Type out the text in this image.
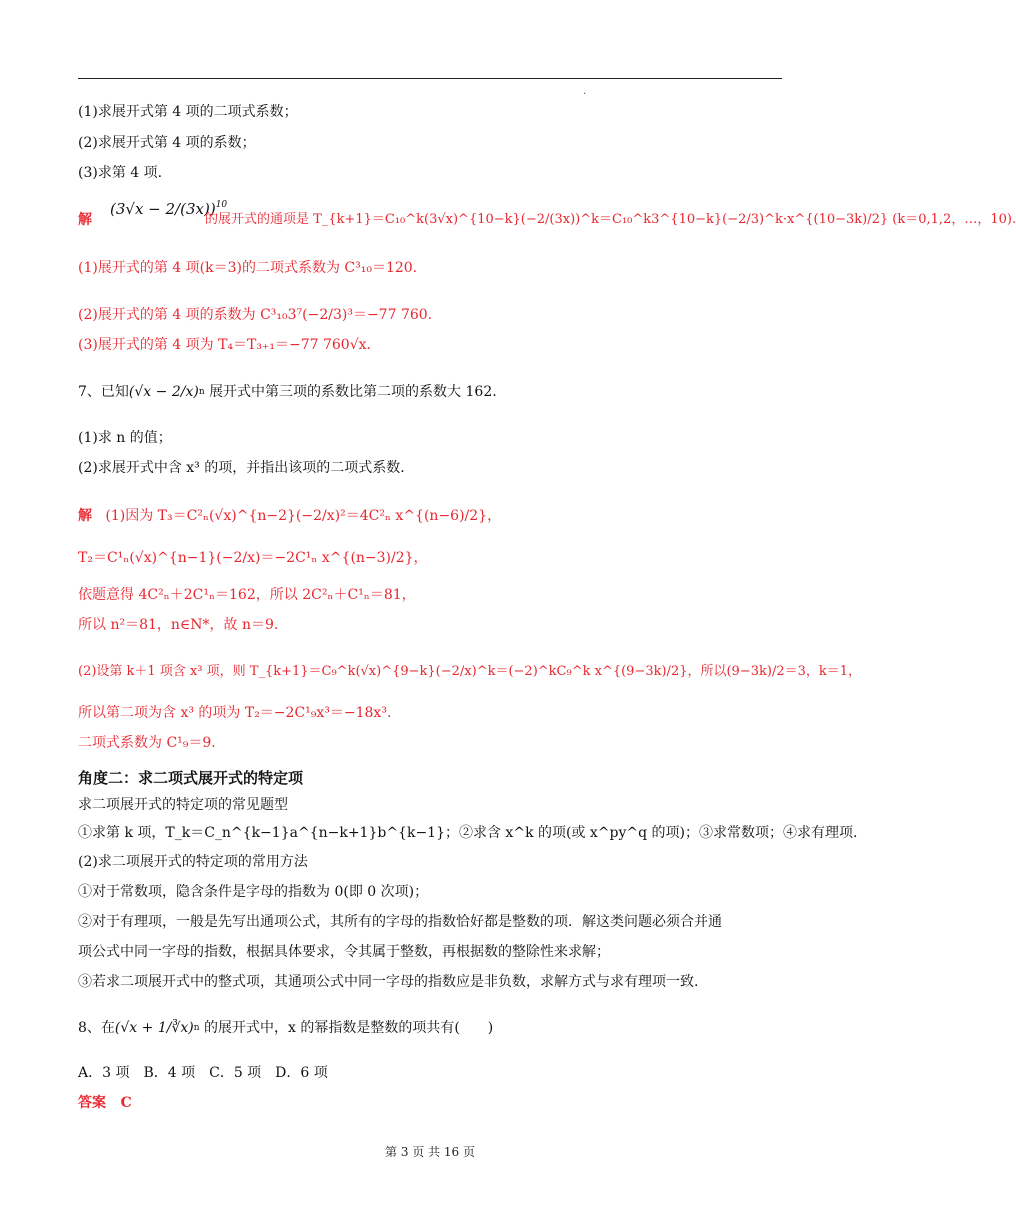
.
(1)求展开式第 4 项的二项式系数；
(2)求展开式第 4 项的系数；
(3)求第 4 项.
解
$(3√x - 2/(3x))^{10}$
的展开式的通项是 T_{k+1}＝C₁₀^k(3√x)^{10−k}(−2/(3x))^k＝C₁₀^k3^{10−k}(−2/3)^k·x^{(10−3k)/2} (k＝0,1,2，…，10).
(1)展开式的第 4 项(k＝3)的二项式系数为 C³₁₀＝120.
(2)展开式的第 4 项的系数为 C³₁₀3⁷(−2/3)³＝−77 760.
(3)展开式的第 4 项为 T₄＝T₃₊₁＝−77 760√x.
7、已知$(√x - 2/x)^n$ 展开式中第三项的系数比第二项的系数大 162.
(1)求 n 的值；
(2)求展开式中含 x³ 的项，并指出该项的二项式系数.
解 (1)因为 T₃＝C²ₙ(√x)^{n−2}(−2/x)²＝4C²ₙ x^{(n−6)/2}，
T₂＝C¹ₙ(√x)^{n−1}(−2/x)＝−2C¹ₙ x^{(n−3)/2}，
依题意得 4C²ₙ＋2C¹ₙ＝162，所以 2C²ₙ＋C¹ₙ＝81，
所以 n²＝81，n∈N*，故 n＝9.
(2)设第 k＋1 项含 x³ 项，则 T_{k+1}＝C₉^k(√x)^{9−k}(−2/x)^k＝(−2)^kC₉^k x^{(9−3k)/2}，所以(9−3k)/2＝3，k＝1，
所以第二项为含 x³ 的项为 T₂＝−2C¹₉x³＝−18x³.
二项式系数为 C¹₉＝9.
角度二：求二项式展开式的特定项
求二项展开式的特定项的常见题型
①求第 k 项，T_k＝C_n^{k−1}a^{n−k+1}b^{k−1}；②求含 x^k 的项(或 x^py^q 的项)；③求常数项；④求有理项.
(2)求二项展开式的特定项的常用方法
①对于常数项，隐含条件是字母的指数为 0(即 0 次项)；
②对于有理项，一般是先写出通项公式，其所有的字母的指数恰好都是整数的项．解这类问题必须合并通
项公式中同一字母的指数，根据具体要求，令其属于整数，再根据数的整除性来求解；
③若求二项展开式中的整式项，其通项公式中同一字母的指数应是非负数，求解方式与求有理项一致.
8、在(√x + 1/∛x)$^n$ 的展开式中，x 的幂指数是整数的项共有(　　)
A．3 项　B．4 项　C．5 项　D．6 项
答案 C
第 3 页 共 16 页
